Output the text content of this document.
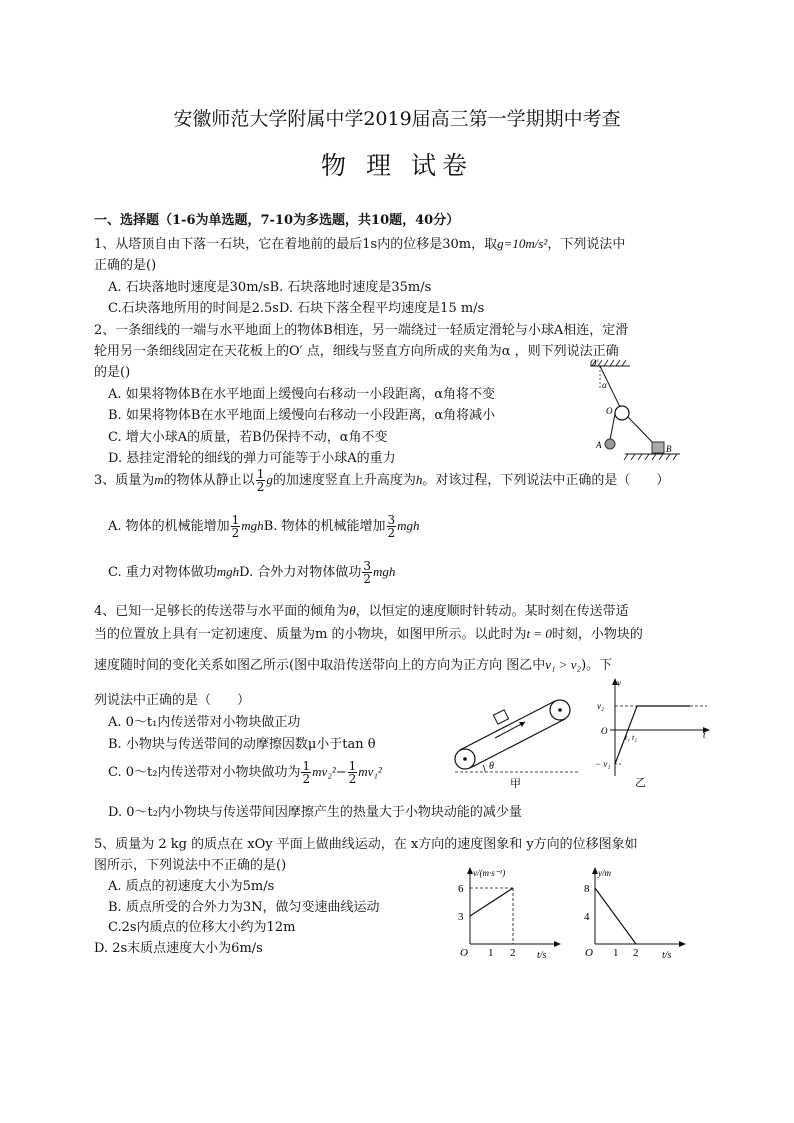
安徽师范大学附属中学2019届高三第一学期期中考查
物 理 试卷
一、选择题（1-6为单选题，7-10为多选题，共10题，40分）
1、从塔顶自由下落一石块，它在着地前的最后1s内的位移是30m，取g=10m/s²，下列说法中
正确的是()
A. 石块落地时速度是30m/sB. 石块落地时速度是35m/s
C.石块落地所用的时间是2.5sD. 石块下落全程平均速度是15 m/s
2、一条细线的一端与水平地面上的物体B相连，另一端绕过一轻质定滑轮与小球A相连，定滑
轮用另一条细线固定在天花板上的O′ 点，细线与竖直方向所成的夹角为α ，则下列说法正确
的是()
A. 如果将物体B在水平地面上缓慢向右移动一小段距离，α角将不变
B. 如果将物体B在水平地面上缓慢向右移动一小段距离，α角将减小
C. 增大小球A的质量，若B仍保持不动，α角不变
D. 悬挂定滑轮的细线的弹力可能等于小球A的重力
O′
α
O
A	B
3、质量为m的物体从静止以 $\frac{1}{2}$ g的加速度竖直上升高度为h。对该过程，下列说法中正确的是（　　）
A. 物体的机械能增加 $\frac{1}{2}$ mghB. 物体的机械能增加 $\frac{3}{2}$ mgh
C. 重力对物体做功mghD. 合外力对物体做功 $\frac{3}{2}$ mgh
4、已知一足够长的传送带与水平面的倾角为θ，以恒定的速度顺时针转动。某时刻在传送带适
当的位置放上具有一定初速度、质量为m 的小物块，如图甲所示。以此时为t = 0时刻，小物块的
速度随时间的变化关系如图乙所示(图中取沿传送带向上的方向为正方向 图乙中v₁ > v₂)。下
列说法中正确的是（　　）
A. 0～t₁内传送带对小物块做正功
B. 小物块与传送带间的动摩擦因数μ小于tan θ
C. 0～t₂内传送带对小物块做功为 $\frac{1}{2} mv_2^2- \frac{1}{2} mv_1^2$
D. 0～t₂内小物块与传送带间因摩擦产生的热量大于小物块动能的减少量
θ
甲
v
v₂
O
t₁ t₂	t
− v₁
乙
5、质量为 2 kg 的质点在 xOy 平面上做曲线运动，在 x方向的速度图象和 y方向的位移图象如
图所示，下列说法中不正确的是()
A. 质点的初速度大小为5m/s
B. 质点所受的合外力为3N，做匀变速曲线运动
C.2s内质点的位移大小约为12m
D. 2s末质点速度大小为6m/s
v/(m·s⁻¹)
6
3
O 1 2 t/s
y/m
8
4
O 1 2 t/s
